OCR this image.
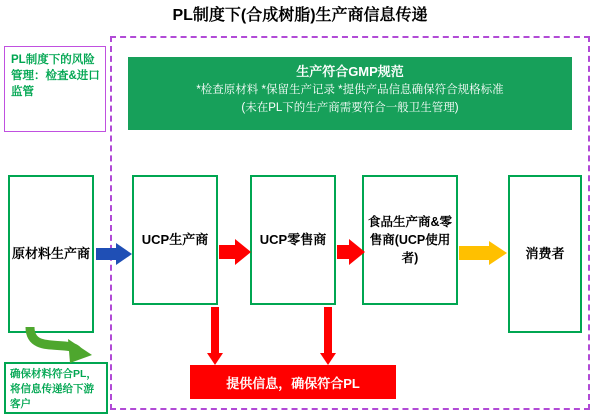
PL制度下(合成树脂)生产商信息传递
PL制度下的风险管理：检查&进口监管
生产符合GMP规范
*检查原材料 *保留生产记录 *提供产品信息确保符合规格标准
(未在PL下的生产商需要符合一般卫生管理)
原材料生产商
UCP生产商	UCP零售商
食品生产商&零售商(UCP使用者)	消费者
确保材料符合PL，将信息传递给下游客户
提供信息，确保符合PL
